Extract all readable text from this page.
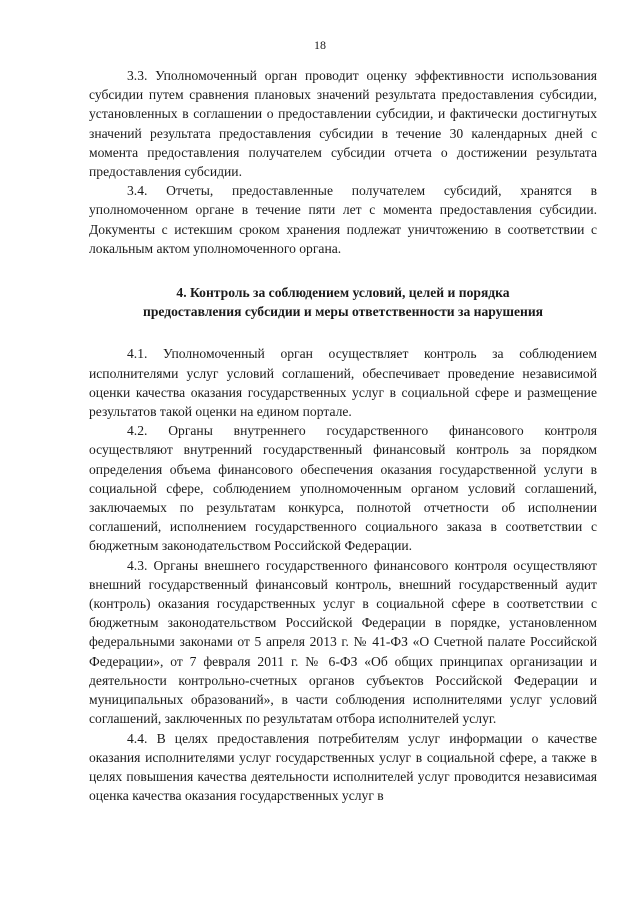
18

3.3. Уполномоченный орган проводит оценку эффективности использования субсидии путем сравнения плановых значений результата предоставления субсидии, установленных в соглашении о предоставлении субсидии, и фактически достигнутых значений результата предоставления субсидии в течение 30 календарных дней с момента предоставления получателем субсидии отчета о достижении результата предоставления субсидии.

3.4. Отчеты, предоставленные получателем субсидий, хранятся в уполномоченном органе в течение пяти лет с момента предоставления субсидии. Документы с истекшим сроком хранения подлежат уничтожению в соответствии с локальным актом уполномоченного органа.

4. Контроль за соблюдением условий, целей и порядка

предоставления субсидии и меры ответственности за нарушения

4.1. Уполномоченный орган осуществляет контроль за соблюдением исполнителями услуг условий соглашений, обеспечивает проведение независимой оценки качества оказания государственных услуг в социальной сфере и размещение результатов такой оценки на едином портале.

4.2. Органы внутреннего государственного финансового контроля осуществляют внутренний государственный финансовый контроль за порядком определения объема финансового обеспечения оказания государственной услуги в социальной сфере, соблюдением уполномоченным органом условий соглашений, заключаемых по результатам конкурса, полнотой отчетности об исполнении соглашений, исполнением государственного социального заказа в соответствии с бюджетным законодательством Российской Федерации.

4.3. Органы внешнего государственного финансового контроля осуществляют внешний государственный финансовый контроль, внешний государственный аудит (контроль) оказания государственных услуг в социальной сфере в соответствии с бюджетным законодательством Российской Федерации в порядке, установленном федеральными законами от 5 апреля 2013 г. № 41-ФЗ «О Счетной палате Российской Федерации», от 7 февраля 2011 г. № 6-ФЗ «Об общих принципах организации и деятельности контрольно-счетных органов субъектов Российской Федерации и муниципальных образований», в части соблюдения исполнителями услуг условий соглашений, заключенных по результатам отбора исполнителей услуг.

4.4. В целях предоставления потребителям услуг информации о качестве оказания исполнителями услуг государственных услуг в социальной сфере, а также в целях повышения качества деятельности исполнителей услуг проводится независимая оценка качества оказания государственных услуг в
